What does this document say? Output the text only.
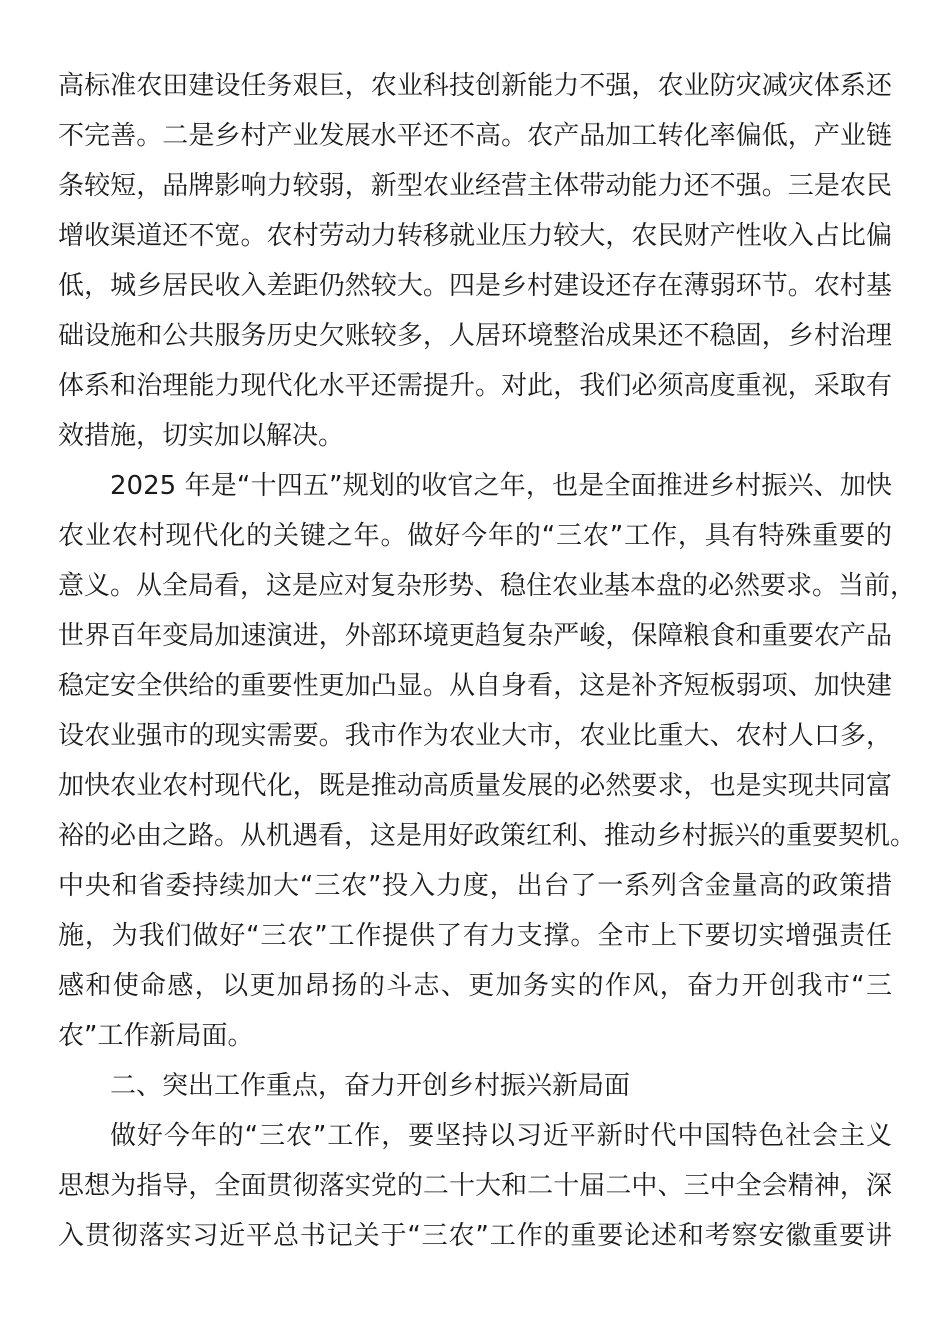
高标准农田建设任务艰巨，农业科技创新能力不强，农业防灾减灾体系还
不完善。二是乡村产业发展水平还不高。农产品加工转化率偏低，产业链
条较短，品牌影响力较弱，新型农业经营主体带动能力还不强。三是农民
增收渠道还不宽。农村劳动力转移就业压力较大，农民财产性收入占比偏
低，城乡居民收入差距仍然较大。四是乡村建设还存在薄弱环节。农村基
础设施和公共服务历史欠账较多，人居环境整治成果还不稳固，乡村治理
体系和治理能力现代化水平还需提升。对此，我们必须高度重视，采取有
效措施，切实加以解决。
2025 年是“十四五”规划的收官之年，也是全面推进乡村振兴、加快
农业农村现代化的关键之年。做好今年的“三农”工作，具有特殊重要的
意义。从全局看，这是应对复杂形势、稳住农业基本盘的必然要求。当前，
世界百年变局加速演进，外部环境更趋复杂严峻，保障粮食和重要农产品
稳定安全供给的重要性更加凸显。从自身看，这是补齐短板弱项、加快建
设农业强市的现实需要。我市作为农业大市，农业比重大、农村人口多，
加快农业农村现代化，既是推动高质量发展的必然要求，也是实现共同富
裕的必由之路。从机遇看，这是用好政策红利、推动乡村振兴的重要契机。
中央和省委持续加大“三农”投入力度，出台了一系列含金量高的政策措
施，为我们做好“三农”工作提供了有力支撑。全市上下要切实增强责任
感和使命感，以更加昂扬的斗志、更加务实的作风，奋力开创我市“三
农”工作新局面。
二、突出工作重点，奋力开创乡村振兴新局面
做好今年的“三农”工作，要坚持以习近平新时代中国特色社会主义
思想为指导，全面贯彻落实党的二十大和二十届二中、三中全会精神，深
入贯彻落实习近平总书记关于“三农”工作的重要论述和考察安徽重要讲
